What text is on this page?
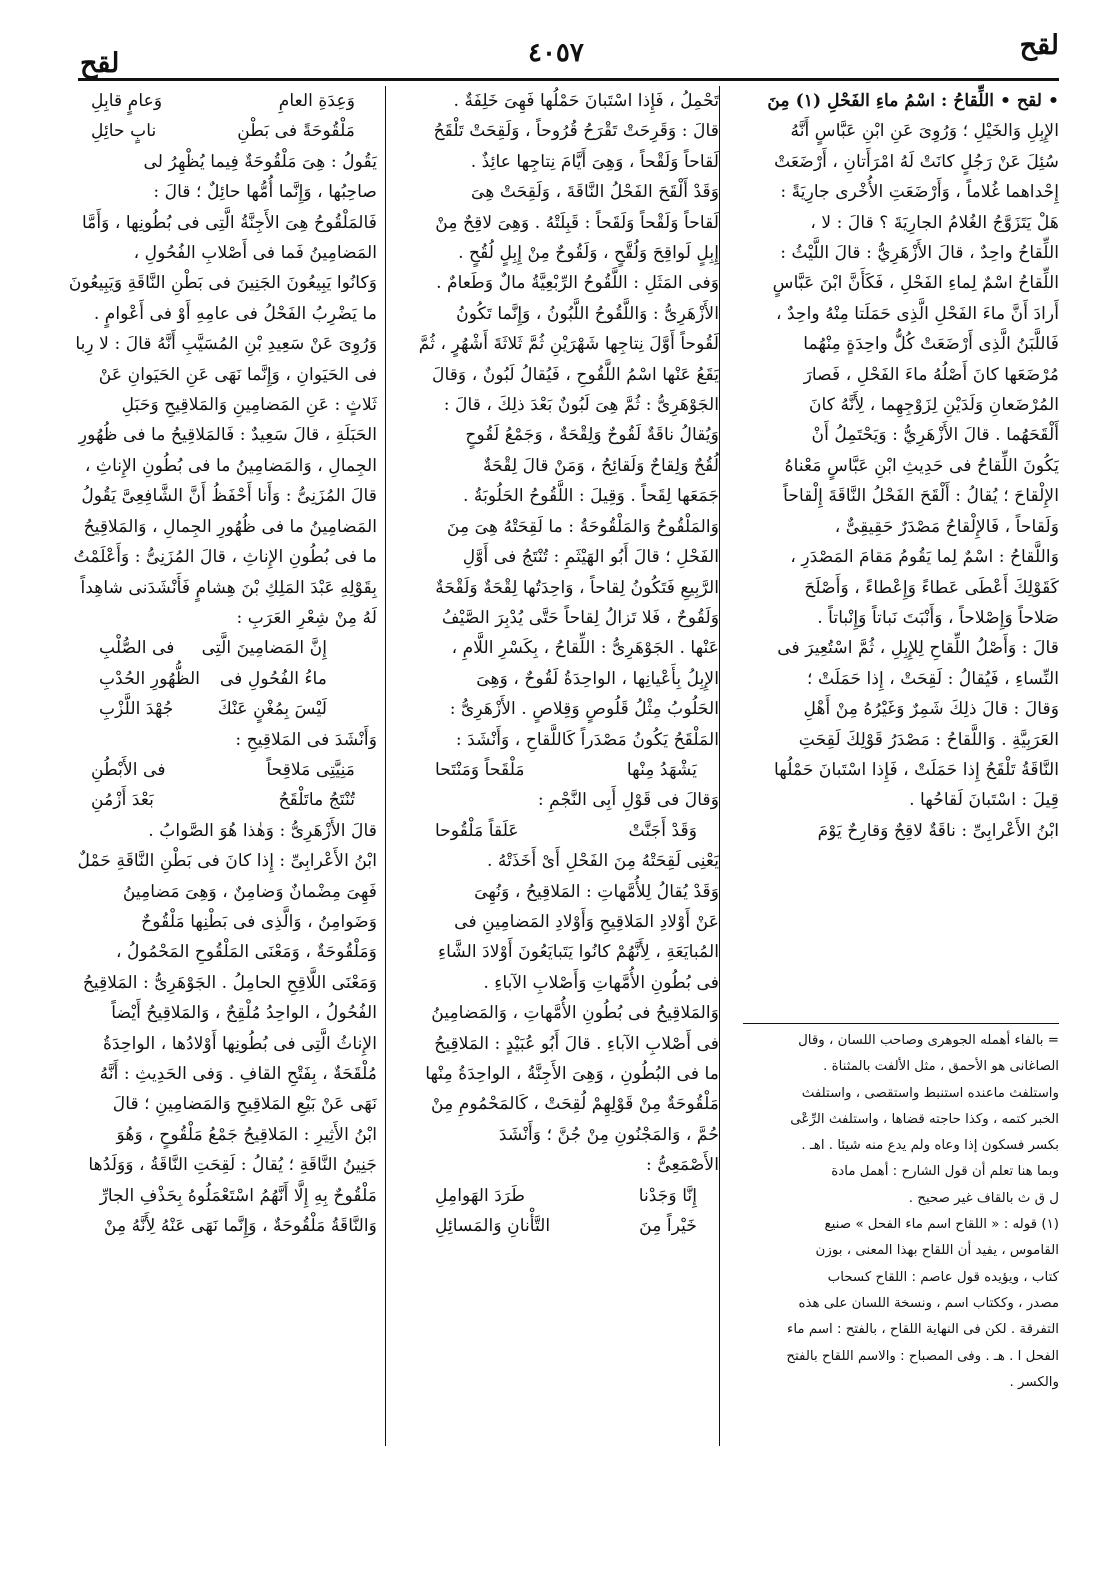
لقح
٤٠٥٧
لقح

• لقح • اللِّقاحُ : اسْمُ ماءِ الفَحْلِ (١) مِنَ

الإِبِلِ وَالخَيْلِ ؛ وَرُوِىَ عَنِ ابْنِ عَبَّاسٍ أَنَّهُ

سُئِلَ عَنْ رَجُلٍ كانَتْ لَهُ امْرَأَتانِ ، أَرْضَعَتْ

إِحْداهما غُلاماً ، وَأَرْضَعَتِ الأُخْرى جارِيَةً :

هَلْ يَتَزَوَّجُ الغُلامُ الجارِيَةَ ؟ قالَ : لا ،

اللِّقاحُ واحِدٌ ، قالَ الأَزْهَرِيُّ : قالَ اللَّيْثُ :

اللِّقاحُ اسْمٌ لِماءِ الفَحْلِ ، فَكَأَنَّ ابْنَ عَبَّاسٍ

أَرادَ أَنَّ ماءَ الفَحْلِ الَّذِى حَمَلَتا مِنْهُ واحِدٌ ،

فَاللَّبَنُ الَّذِى أَرْضَعَتْ كُلُّ واحِدَةٍ مِنْهُما

مُرْضَعَها كانَ أَصْلُهُ ماءَ الفَحْلِ ، فَصارَ

المُرْضَعانِ وَلَدَيْنِ لِزَوْجِهِما ، لِأَنَّهُ كانَ

أَلْقَحَهُما . قالَ الأَزْهَرِيُّ : وَيَحْتَمِلُ أَنْ

يَكُونَ اللِّقاحُ فى حَدِيثِ ابْنِ عَبَّاسٍ مَعْناهُ

الإِلْقاحَ ؛ يُقالُ : أَلْقَحَ الفَحْلُ النَّاقَةَ إِلْقاحاً

وَلَقاحاً ، فَالإِلْقاحُ مَصْدَرٌ حَقِيقِىٌّ ،

وَاللَّقاحُ : اسْمٌ لِما يَقُومُ مَقامَ المَصْدَرِ ،

كَقَوْلِكَ أَعْطَى عَطاءً وَإِعْطاءً ، وَأَصْلَحَ

صَلاحاً وَإِصْلاحاً ، وَأَنْبَتَ نَباتاً وَإِنْباتاً .

قالَ : وَأَصْلُ اللِّقاحِ لِلإِبِلِ ، ثُمَّ اسْتُعِيرَ فى

النِّساءِ ، فَيُقالُ : لَقِحَتْ ، إِذا حَمَلَتْ ؛

وَقالَ : قالَ ذلِكَ شَمِرٌ وَغَيْرُهُ مِنْ أَهْلِ

العَرَبِيَّةِ . وَاللَّقاحُ : مَصْدَرُ قَوْلِكَ لَقِحَتِ

النَّاقَةُ تَلْقَحُ إِذا حَمَلَتْ ، فَإِذا اسْتَبانَ حَمْلُها

قِيلَ : اسْتَبانَ لَقاحُها .

ابْنُ الأَعْرابِىِّ : ناقَةٌ لاقِحٌ وَقارِحٌ يَوْمَ

= بالفاء أهمله الجوهرى وصاحب اللسان ، وقال

الصاغانى هو الأحمق ، مثل الألفت بالمثناة .

واستلفث ماعنده استنبط واستقصى ، واستلفث

الخبر كتمه ، وكذا حاجته قضاها ، واستلفث الرِّعْى

بكسر فسكون إذا وعاه ولم يدع منه شيئا . اهـ .

وبما هنا تعلم أن قول الشارح : أهمل مادة

ل ق ث بالقاف غير صحيح .

(١) قوله : « اللقاح اسم ماء الفحل » صنيع

القاموس ، يفيد أن اللقاح بهذا المعنى ، بوزن

كتاب ، ويؤيده قول عاصم : اللقاح كسحاب

مصدر ، وككتاب اسم ، ونسخة اللسان على هذه

التفرقة . لكن فى النهاية اللقاح ، بالفتح : اسم ماء

الفحل ا . هـ . وفى المصباح : والاسم اللقاح بالفتح

والكسر .

تَحْمِلُ ، فَإِذا اسْتَبانَ حَمْلُها فَهِىَ خَلِفَةٌ .

قالَ : وَقَرِحَتْ تَقْرَحُ قُرُوحاً ، وَلَقِحَتْ تَلْقَحُ

لَقاحاً وَلَقْحاً ، وَهِىَ أَيَّامَ نِتاجِها عائِذٌ .

وَقَدْ أَلْقَحَ الفَحْلُ النَّاقَةَ ، وَلَقِحَتْ هِىَ

لَقاحاً وَلَقْحاً وَلَقَحاً : قَبِلَتْهُ . وَهِىَ لاقِحٌ مِنْ

إِبِلٍ لَواقِحَ وَلُقَّحٍ ، وَلَقُوحٌ مِنْ إِبِلٍ لُقُحٍ .

وَفى المَثَلِ : اللَّقُوحُ الرِّبْعِيَّةُ مالٌ وَطَعامٌ .

الأَزْهَرِىُّ : وَاللَّقُوحُ اللَّبُونُ ، وَإِنَّما تَكُونُ

لَقُوحاً أَوَّلَ نِتاجِها شَهْرَيْنِ ثُمَّ ثَلاثَةَ أَشْهُرٍ ، ثُمَّ

يَقَعُ عَنْها اسْمُ اللَّقُوحِ ، فَيُقالُ لَبُونٌ ، وَقالَ

الجَوْهَرِىُّ : ثُمَّ هِىَ لَبُونٌ بَعْدَ ذلِكَ ، قالَ :

وَيُقالُ ناقَةٌ لَقُوحٌ وَلِقْحَةٌ ، وَجَمْعُ لَقُوحٍ

لُقُحٌ وَلِقاحٌ وَلَقائِحُ ، وَمَنْ قالَ لِقْحَةٌ

جَمَعَها لِقَحاً . وَقِيلَ : اللَّقُوحُ الحَلُوبَةُ .

وَالمَلْقُوحُ وَالمَلْقُوحَةُ : ما لَقِحَتْهُ هِىَ مِنَ

الفَحْلِ ؛ قالَ أَبُو الهَيْثَمِ : تُنْتَجُ فى أَوَّلِ

الرَّبِيعِ فَتَكُونُ لِقاحاً ، وَاحِدَتُها لِقْحَةٌ وَلَقْحَةٌ

وَلَقُوحٌ ، فَلا تَزالُ لِقاحاً حَتَّى يُدْبِرَ الصَّيْفُ

عَنْها . الجَوْهَرِىُّ : اللِّقاحُ ، بِكَسْرِ اللَّامِ ،

الإِبِلُ بِأَعْيانِها ، الواحِدَةُ لَقُوحٌ ، وَهِىَ

الحَلُوبُ مِثْلُ قَلُوصٍ وَقِلاصٍ . الأَزْهَرِىُّ :

المَلْقَحُ يَكُونُ مَصْدَراً كَاللَّقاحِ ، وَأَنْشَدَ :

يَشْهَدُ مِنْها
مَلْقَحاً وَمَنْتَحا

وَقالَ فى قَوْلِ أَبِى النَّجْمِ :

وَقَدْ أَجَنَّتْ
عَلَقاً مَلْقُوحا

يَعْنِى لَقِحَتْهُ مِنَ الفَحْلِ أَىْ أَخَذَتْهُ .

وَقَدْ يُقالُ لِلأُمَّهاتِ : المَلاقِيحُ ، وَنُهِىَ

عَنْ أَوْلادِ المَلاقِيحِ وَأَوْلادِ المَضامِينِ فى

المُبايَعَةِ ، لِأَنَّهُمْ كانُوا يَتَبايَعُونَ أَوْلادَ الشَّاءِ

فى بُطُونِ الأُمَّهاتِ وَأَصْلابِ الآباءِ .

وَالمَلاقِيحُ فى بُطُونِ الأُمَّهاتِ ، وَالمَضامِينُ

فى أَصْلابِ الآباءِ . قالَ أَبُو عُبَيْدٍ : المَلاقِيحُ

ما فى البُطُونِ ، وَهِىَ الأَجِنَّةُ ، الواحِدَةُ مِنْها

مَلْقُوحَةٌ مِنْ قَوْلِهِمْ لُقِحَتْ ، كَالمَحْمُومِ مِنْ

حُمَّ ، وَالمَجْنُونِ مِنْ جُنَّ ؛ وَأَنْشَدَ

الأَصْمَعِىُّ :

إِنَّا وَجَدْنا
طَرَدَ الهَوامِلِ

خَيْراً مِنَ
التَّأْنانِ وَالمَسائِلِ

وَعِدَةِ العامِ
وَعامٍ قابِلِ

مَلْقُوحَةً فى بَطْنِ
نابٍ حائِلِ

يَقُولُ : هِىَ مَلْقُوحَةٌ فِيما يُظْهِرُ لى

صاحِبُها ، وَإِنَّما أُمُّها حائِلٌ ؛ قالَ :

فَالمَلْقُوحُ هِىَ الأَجِنَّةُ الَّتِى فى بُطُونِها ، وَأَمَّا

المَضامِينُ فَما فى أَصْلابِ الفُحُولِ ،

وَكانُوا يَبِيعُونَ الجَنِينَ فى بَطْنِ النَّاقَةِ وَيَبِيعُونَ

ما يَضْرِبُ الفَحْلُ فى عامِهِ أَوْ فى أَعْوامٍ .

وَرُوِىَ عَنْ سَعِيدِ بْنِ المُسَيَّبِ أَنَّهُ قالَ : لا رِبا

فى الحَيَوانِ ، وَإِنَّما نَهَى عَنِ الحَيَوانِ عَنْ

ثَلاثٍ : عَنِ المَضامِينِ وَالمَلاقِيحِ وَحَبَلِ

الحَبَلَةِ ، قالَ سَعِيدٌ : فَالمَلاقِيحُ ما فى ظُهُورِ

الجِمالِ ، وَالمَضامِينُ ما فى بُطُونِ الإِناثِ ،

قالَ المُزَنِىُّ : وَأَنا أَحْفَظُ أَنَّ الشَّافِعِىَّ يَقُولُ

المَضامِينُ ما فى ظُهُورِ الجِمالِ ، وَالمَلاقِيحُ

ما فى بُطُونِ الإِناثِ ، قالَ المُزَنِىُّ : وَأَعْلَمْتُ

بِقَوْلِهِ عَبْدَ المَلِكِ بْنَ هِشامٍ فَأَنْشَدَنى شاهِداً

لَهُ مِنْ شِعْرِ العَرَبِ :

إِنَّ المَضامِينَ الَّتِى
فى الصُّلْبِ

ماءُ الفُحُولِ فى
الظُّهُورِ الحُدْبِ

لَيْسَ بِمُغْنٍ عَنْكَ
جُهْدَ اللَّزْبِ

وَأَنْشَدَ فى المَلاقِيحِ :

مَنِيَّتِى مَلاقِحاً
فى الأَبْطُنِ

تُنْتَجُ ماتَلْقَحُ
بَعْدَ أَزْمُنِ

قالَ الأَزْهَرِىُّ : وَهٰذا هُوَ الصَّوابُ .

ابْنُ الأَعْرابِىِّ : إِذا كانَ فى بَطْنِ النَّاقَةِ حَمْلٌ

فَهِىَ مِضْمانٌ وَضامِنٌ ، وَهِىَ مَضامِينُ

وَضَوامِنُ ، وَالَّذِى فى بَطْنِها مَلْقُوحٌ

وَمَلْقُوحَةٌ ، وَمَعْنَى المَلْقُوحِ المَحْمُولُ ،

وَمَعْنَى اللَّاقِحِ الحامِلُ . الجَوْهَرِىُّ : المَلاقِيحُ

الفُحُولُ ، الواحِدُ مُلْقِحٌ ، وَالمَلاقِيحُ أَيْضاً

الإِناثُ الَّتِى فى بُطُونِها أَوْلادُها ، الواحِدَةُ

مُلْقَحَةٌ ، بِفَتْحِ القافِ . وَفى الحَدِيثِ : أَنَّهُ

نَهَى عَنْ بَيْعِ المَلاقِيحِ وَالمَضامِينِ ؛ قالَ

ابْنُ الأَثِيرِ : المَلاقِيحُ جَمْعُ مَلْقُوحٍ ، وَهُوَ

جَنِينُ النَّاقَةِ ؛ يُقالُ : لَقِحَتِ النَّاقَةُ ، وَوَلَدُها

مَلْقُوحٌ بِهِ إِلَّا أَنَّهُمُ اسْتَعْمَلُوهُ بِحَذْفِ الجارِّ

وَالنَّاقَةُ مَلْقُوحَةٌ ، وَإِنَّما نَهَى عَنْهُ لِأَنَّهُ مِنْ
